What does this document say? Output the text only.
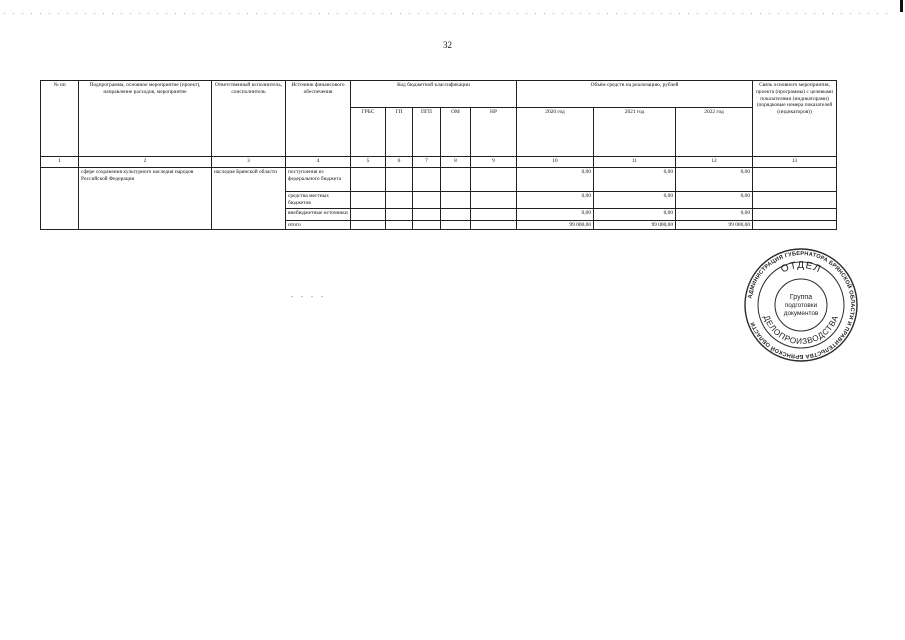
32
№ пп	Подпрограмма, основное мероприятие (проект), направление расходов, мероприятие	Ответственный исполнитель, соисполнитель	Источник финансового обеспечения	Код бюджетной классификации					Объём средств на реализацию, рублей			Связь основного мероприятия, проекта (программы) с целевыми показателями (индикаторами) (порядковые номера показателей (индикаторов))
				ГРБС	ГП	ПГП	ОМ	НР	2020 год	2021 год	2022 год	
1	2	3	4	5	6	7	8	9	10	11	12	13
	сфере сохранения культурного наследия народов Российской Федерации	наследия Брянской области	поступления из федерального бюджета						0,00	0,00	0,00	
			средства местных бюджетов						0,00	0,00	0,00	
			внебюджетные источники						0,00	0,00	0,00	
			итого						99 000,00	99 000,00	99 000,00	
АДМИНИСТРАЦИЯ ГУБЕРНАТОРА БРЯНСКОЙ ОБЛАСТИ И ПРАВИТЕЛЬСТВА БРЯНСКОЙ ОБЛАСТИ
ОТДЕЛ
ДЕЛОПРОИЗВОДСТВА
Группа
подготовки
документов
